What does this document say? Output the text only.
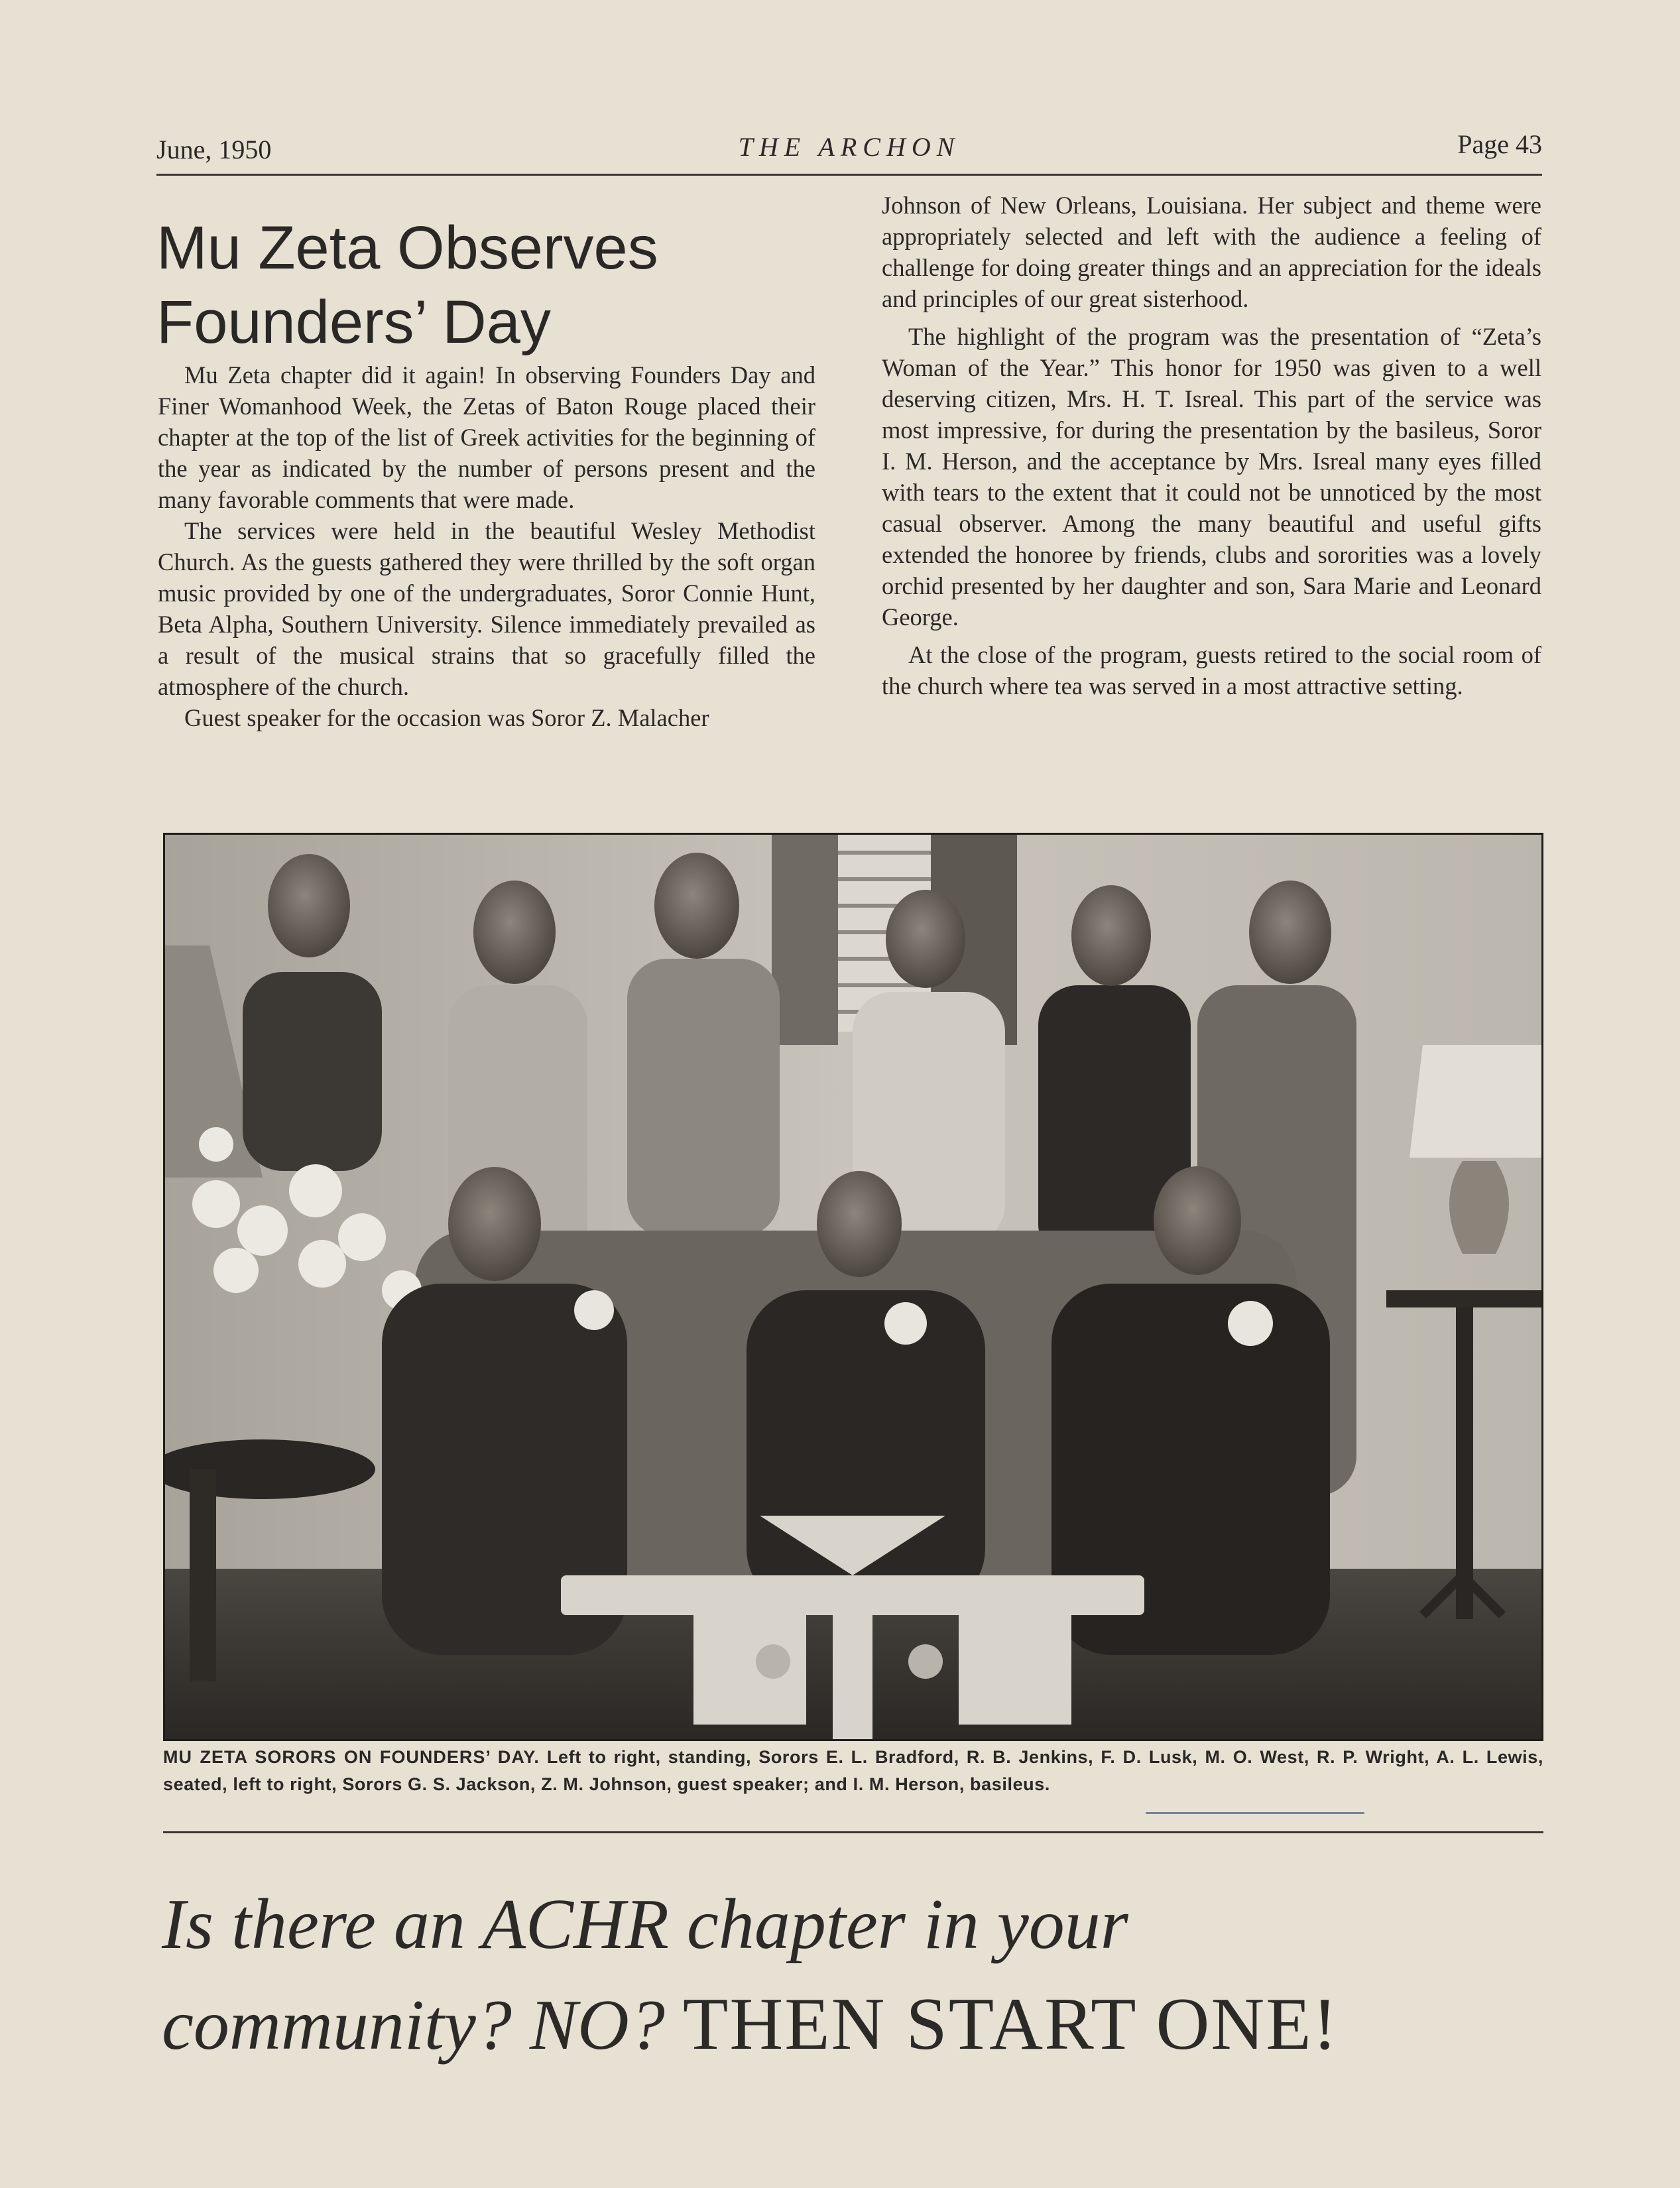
June, 1950	THE ARCHON	Page 43
Mu Zeta Observes
Founders’ Day

Mu Zeta chapter did it again! In observing Founders Day and Finer Womanhood Week, the Zetas of Baton Rouge placed their chapter at the top of the list of Greek activities for the beginning of the year as indicated by the number of persons present and the many favorable comments that were made.

The services were held in the beautiful Wesley Methodist Church. As the guests gathered they were thrilled by the soft organ music provided by one of the undergraduates, Soror Connie Hunt, Beta Alpha, Southern University. Silence immediately prevailed as a result of the musical strains that so gracefully filled the atmosphere of the church.

Guest speaker for the occasion was Soror Z. Malacher

Johnson of New Orleans, Louisiana. Her subject and theme were appropriately selected and left with the audience a feeling of challenge for doing greater things and an appreciation for the ideals and principles of our great sisterhood.

The highlight of the program was the presentation of “Zeta’s Woman of the Year.” This honor for 1950 was given to a well deserving citizen, Mrs. H. T. Isreal. This part of the service was most impressive, for during the presentation by the basileus, Soror I. M. Herson, and the acceptance by Mrs. Isreal many eyes filled with tears to the extent that it could not be unnoticed by the most casual observer. Among the many beautiful and useful gifts extended the honoree by friends, clubs and sororities was a lovely orchid presented by her daughter and son, Sara Marie and Leonard George.

At the close of the program, guests retired to the social room of the church where tea was served in a most attractive setting.

MU ZETA SORORS ON FOUNDERS’ DAY. Left to right, standing, Sorors E. L. Bradford, R. B. Jenkins, F. D. Lusk, M. O. West, R. P. Wright, A. L. Lewis, seated, left to right, Sorors G. S. Jackson, Z. M. Johnson, guest speaker; and I. M. Herson, basileus.

Is there an ACHR chapter in your
community? NO? THEN START ONE!
